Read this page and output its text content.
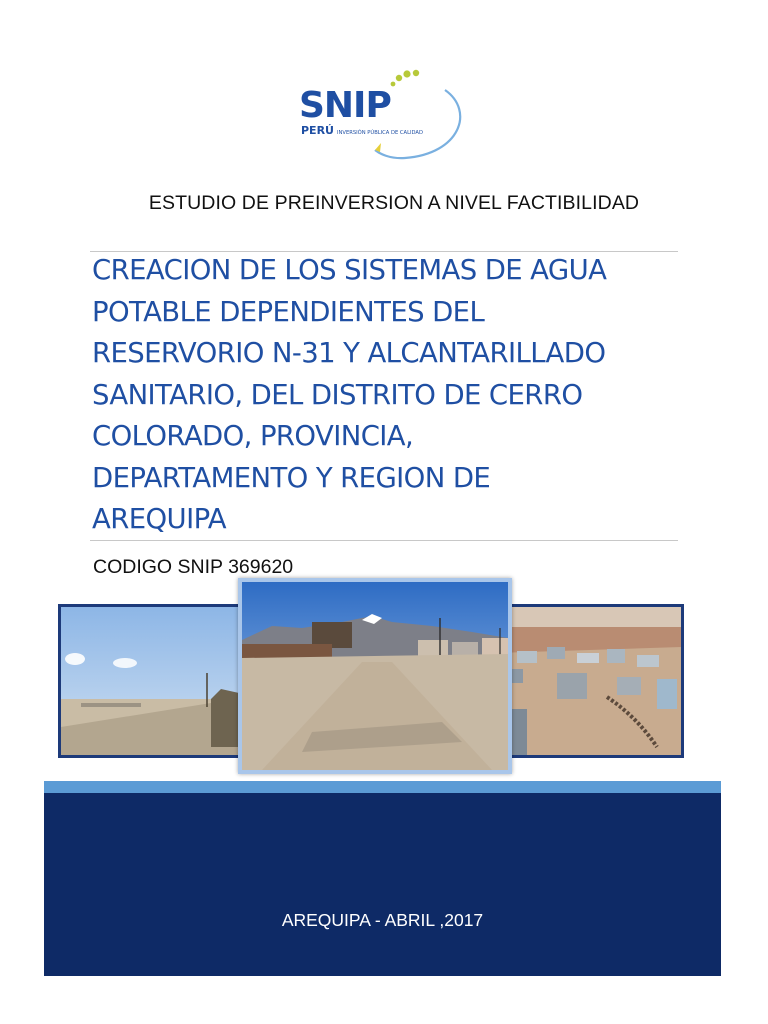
SNIP
PERÚ INVERSIÓN PÚBLICA DE CALIDAD
ESTUDIO DE PREINVERSION A NIVEL FACTIBILIDAD
CREACION DE LOS SISTEMAS DE AGUA
POTABLE DEPENDIENTES DEL
RESERVORIO N-31 Y ALCANTARILLADO
SANITARIO, DEL DISTRITO DE CERRO
COLORADO, PROVINCIA,
DEPARTAMENTO Y REGION DE
AREQUIPA
CODIGO SNIP 369620
AREQUIPA - ABRIL ,2017
